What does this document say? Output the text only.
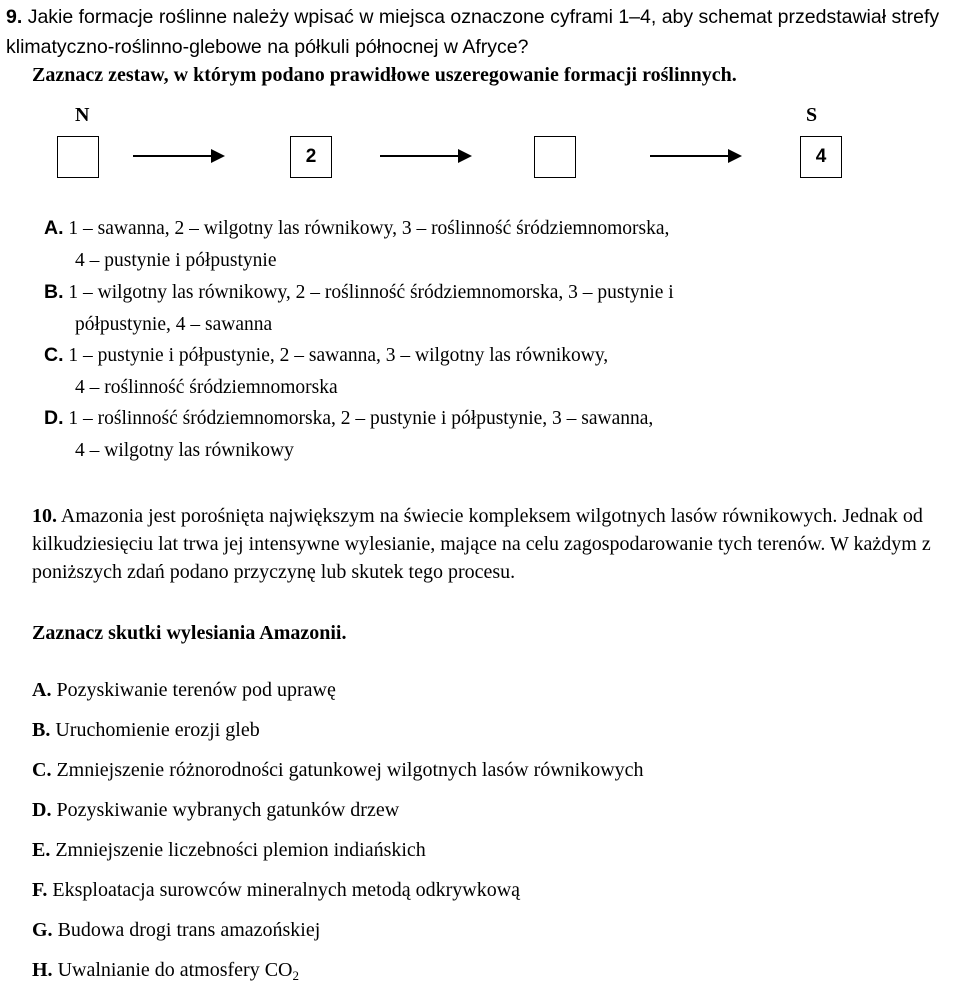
9. Jakie formacje roślinne należy wpisać w miejsca oznaczone cyframi 1–4, aby schemat przedstawiał strefy klimatyczno-roślinno-glebowe na półkuli północnej w Afryce?
Zaznacz zestaw, w którym podano prawidłowe uszeregowanie formacji roślinnych.
N	S
2	4
A. 1 – sawanna, 2 – wilgotny las równikowy, 3 – roślinność śródziemnomorska,
4 – pustynie i półpustynie
B. 1 – wilgotny las równikowy, 2 – roślinność śródziemnomorska, 3 – pustynie i
półpustynie, 4 – sawanna
C. 1 – pustynie i półpustynie, 2 – sawanna, 3 – wilgotny las równikowy,
4 – roślinność śródziemnomorska
D. 1 – roślinność śródziemnomorska, 2 – pustynie i półpustynie, 3 – sawanna,
4 – wilgotny las równikowy
10. Amazonia jest porośnięta największym na świecie kompleksem wilgotnych lasów równikowych. Jednak od kilkudziesięciu lat trwa jej intensywne wylesianie, mające na celu zagospodarowanie tych terenów. W każdym z poniższych zdań podano przyczynę lub skutek tego procesu.
Zaznacz skutki wylesiania Amazonii.
A. Pozyskiwanie terenów pod uprawę
B. Uruchomienie erozji gleb
C. Zmniejszenie różnorodności gatunkowej wilgotnych lasów równikowych
D. Pozyskiwanie wybranych gatunków drzew
E. Zmniejszenie liczebności plemion indiańskich
F. Eksploatacja surowców mineralnych metodą odkrywkową
G. Budowa drogi trans amazońskiej
H. Uwalnianie do atmosfery $CO_2$
